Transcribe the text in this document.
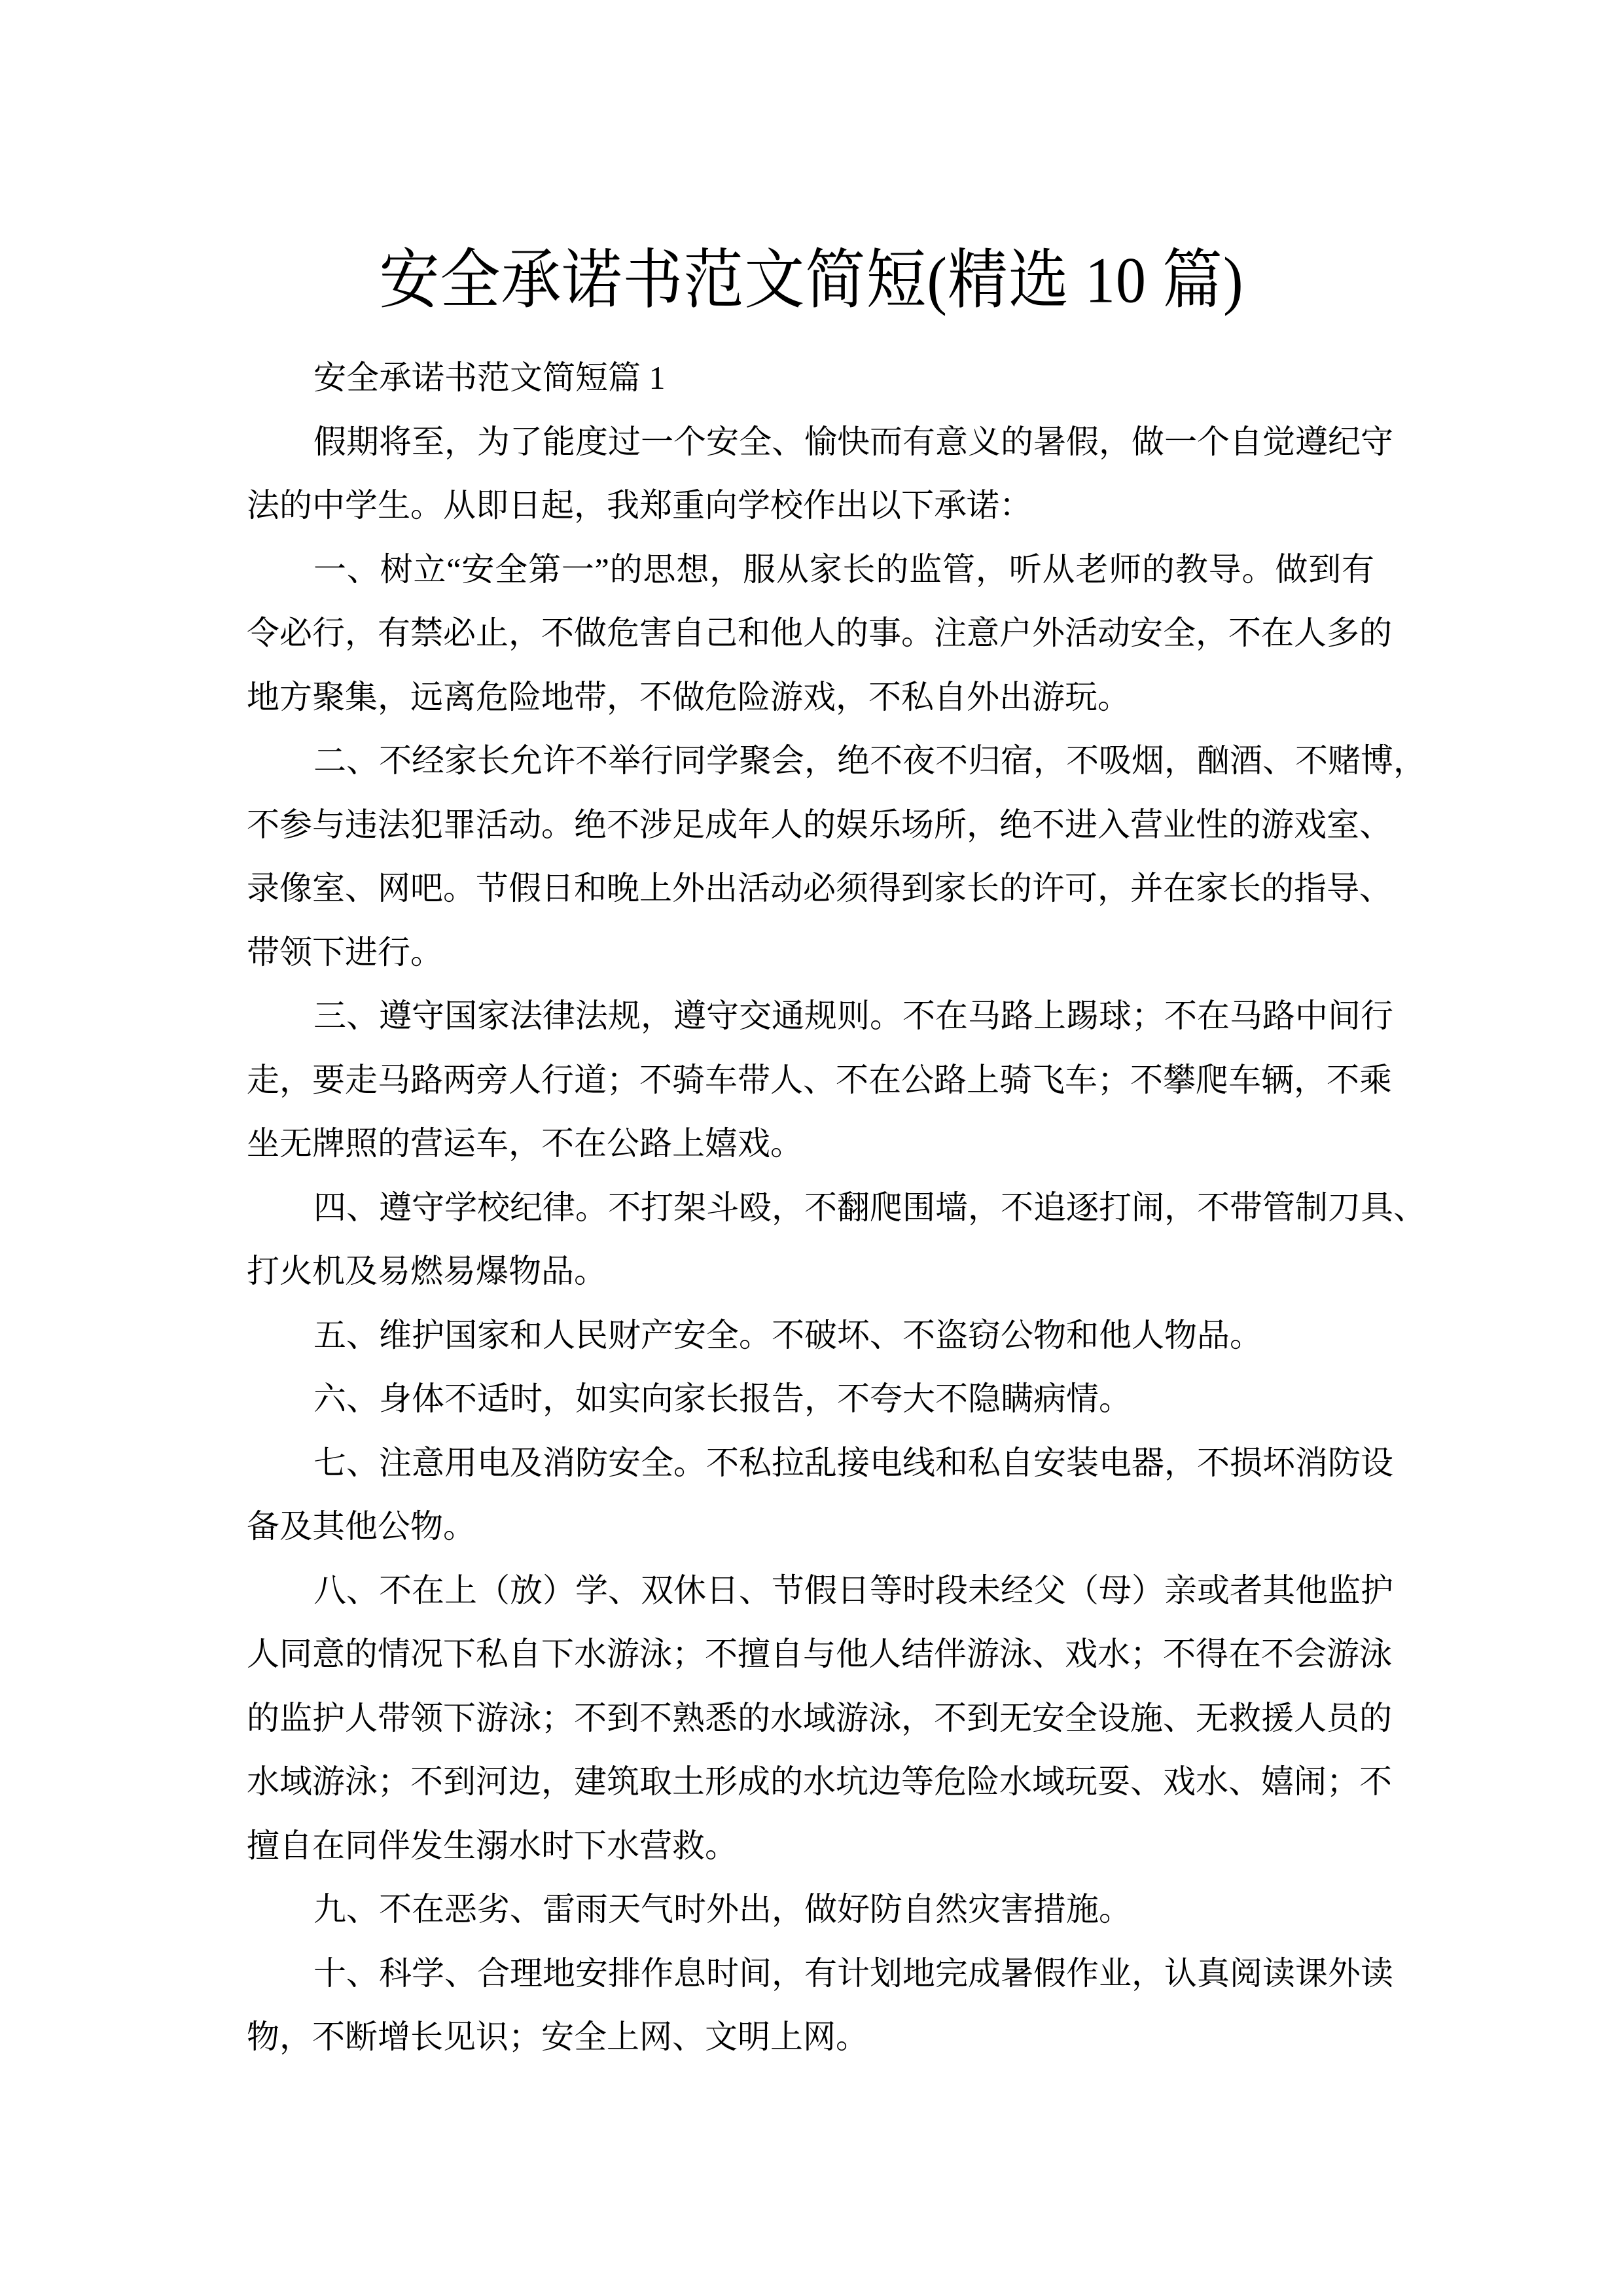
安全承诺书范文简短(精选 10 篇)
安全承诺书范文简短篇 1
假期将至，为了能度过一个安全、愉快而有意义的暑假，做一个自觉遵纪守
法的中学生。从即日起，我郑重向学校作出以下承诺：
一、树立“安全第一”的思想，服从家长的监管，听从老师的教导。做到有
令必行，有禁必止，不做危害自己和他人的事。注意户外活动安全，不在人多的
地方聚集，远离危险地带，不做危险游戏，不私自外出游玩。
二、不经家长允许不举行同学聚会，绝不夜不归宿，不吸烟，酗酒、不赌博，
不参与违法犯罪活动。绝不涉足成年人的娱乐场所，绝不进入营业性的游戏室、
录像室、网吧。节假日和晚上外出活动必须得到家长的许可，并在家长的指导、
带领下进行。
三、遵守国家法律法规，遵守交通规则。不在马路上踢球；不在马路中间行
走，要走马路两旁人行道；不骑车带人、不在公路上骑飞车；不攀爬车辆，不乘
坐无牌照的营运车，不在公路上嬉戏。
四、遵守学校纪律。不打架斗殴，不翻爬围墙，不追逐打闹，不带管制刀具、
打火机及易燃易爆物品。
五、维护国家和人民财产安全。不破坏、不盗窃公物和他人物品。
六、身体不适时，如实向家长报告，不夸大不隐瞒病情。
七、注意用电及消防安全。不私拉乱接电线和私自安装电器，不损坏消防设
备及其他公物。
八、不在上（放）学、双休日、节假日等时段未经父（母）亲或者其他监护
人同意的情况下私自下水游泳；不擅自与他人结伴游泳、戏水；不得在不会游泳
的监护人带领下游泳；不到不熟悉的水域游泳，不到无安全设施、无救援人员的
水域游泳；不到河边，建筑取土形成的水坑边等危险水域玩耍、戏水、嬉闹；不
擅自在同伴发生溺水时下水营救。
九、不在恶劣、雷雨天气时外出，做好防自然灾害措施。
十、科学、合理地安排作息时间，有计划地完成暑假作业，认真阅读课外读
物，不断增长见识；安全上网、文明上网。
